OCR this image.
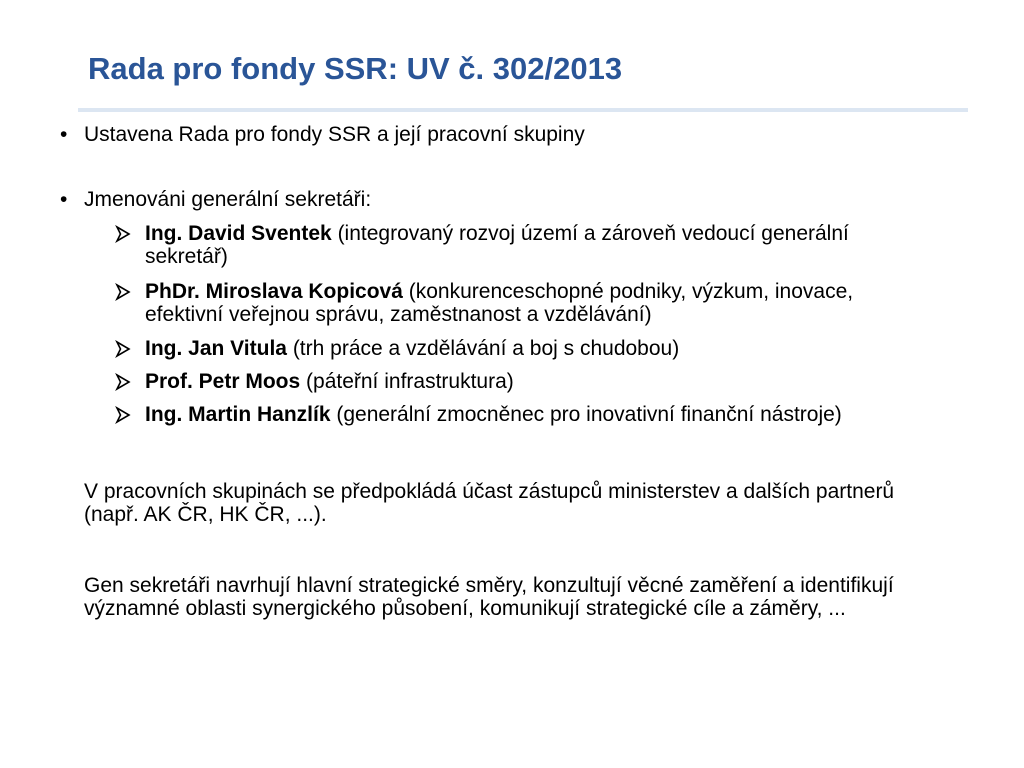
Rada pro fondy SSR: UV č. 302/2013
• Ustavena Rada pro fondy SSR a její pracovní skupiny
• Jmenováni generální sekretáři:
Ing. David Sventek (integrovaný rozvoj území a zároveň vedoucí generální sekretář)
PhDr. Miroslava Kopicová (konkurenceschopné podniky, výzkum, inovace, efektivní veřejnou správu, zaměstnanost a vzdělávání)
Ing. Jan Vitula (trh práce a vzdělávání a boj s chudobou)
Prof. Petr Moos (páteřní infrastruktura)
Ing. Martin Hanzlík (generální zmocněnec pro inovativní finanční nástroje)

V pracovních skupinách se předpokládá účast zástupců ministerstev a dalších partnerů (např. AK ČR, HK ČR, ...).

Gen sekretáři navrhují hlavní strategické směry, konzultují věcné zaměření a identifikují významné oblasti synergického působení, komunikují strategické cíle a záměry, ...
